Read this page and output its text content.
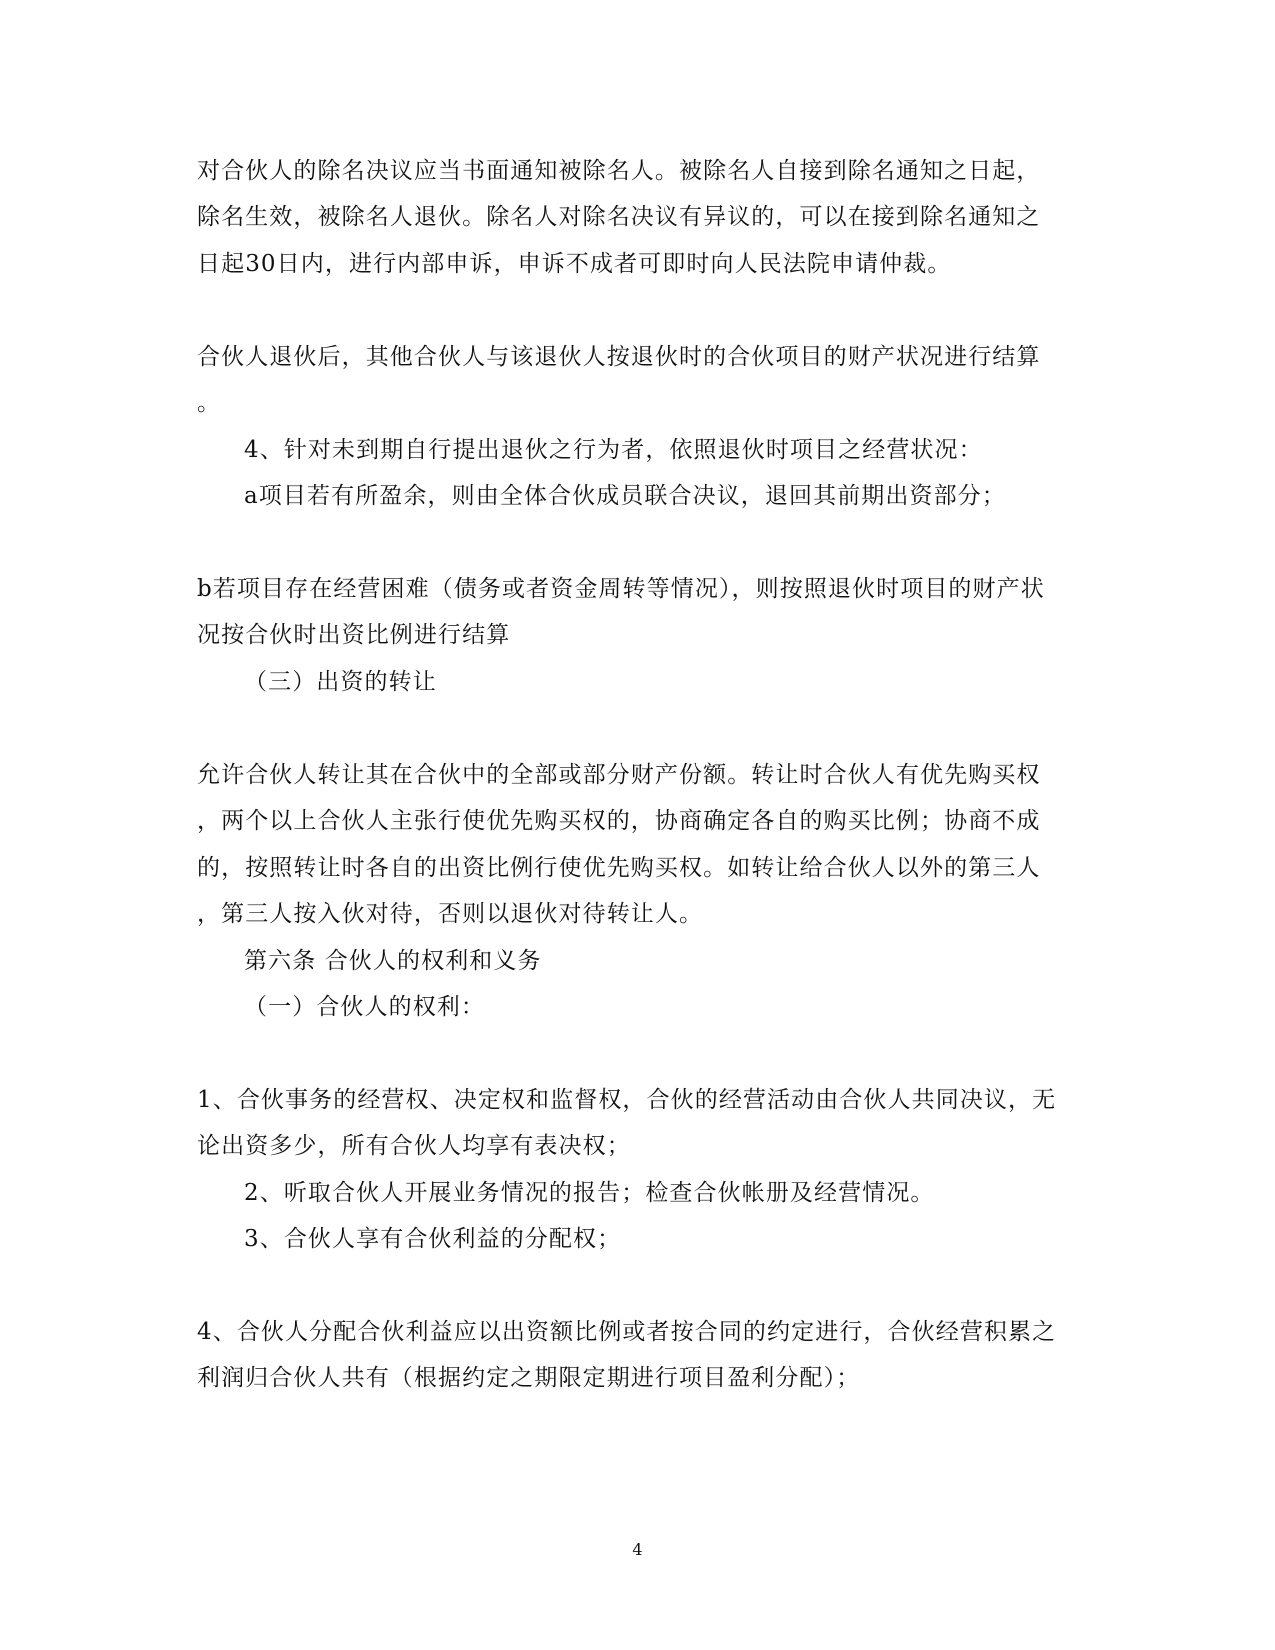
对合伙人的除名决议应当书面通知被除名人。被除名人自接到除名通知之日起，
除名生效，被除名人退伙。除名人对除名决议有异议的，可以在接到除名通知之
日起30日内，进行内部申诉，申诉不成者可即时向人民法院申请仲裁。
合伙人退伙后，其他合伙人与该退伙人按退伙时的合伙项目的财产状况进行结算
。
4、针对未到期自行提出退伙之行为者，依照退伙时项目之经营状况：
a项目若有所盈余，则由全体合伙成员联合决议，退回其前期出资部分；
b若项目存在经营困难（债务或者资金周转等情况），则按照退伙时项目的财产状
况按合伙时出资比例进行结算
（三）出资的转让
允许合伙人转让其在合伙中的全部或部分财产份额。转让时合伙人有优先购买权
，两个以上合伙人主张行使优先购买权的，协商确定各自的购买比例；协商不成
的，按照转让时各自的出资比例行使优先购买权。如转让给合伙人以外的第三人
，第三人按入伙对待，否则以退伙对待转让人。
第六条 合伙人的权利和义务
（一）合伙人的权利：
1、合伙事务的经营权、决定权和监督权，合伙的经营活动由合伙人共同决议，无
论出资多少，所有合伙人均享有表决权；
2、听取合伙人开展业务情况的报告；检查合伙帐册及经营情况。
3、合伙人享有合伙利益的分配权；
4、合伙人分配合伙利益应以出资额比例或者按合同的约定进行，合伙经营积累之
利润归合伙人共有（根据约定之期限定期进行项目盈利分配）；
4
